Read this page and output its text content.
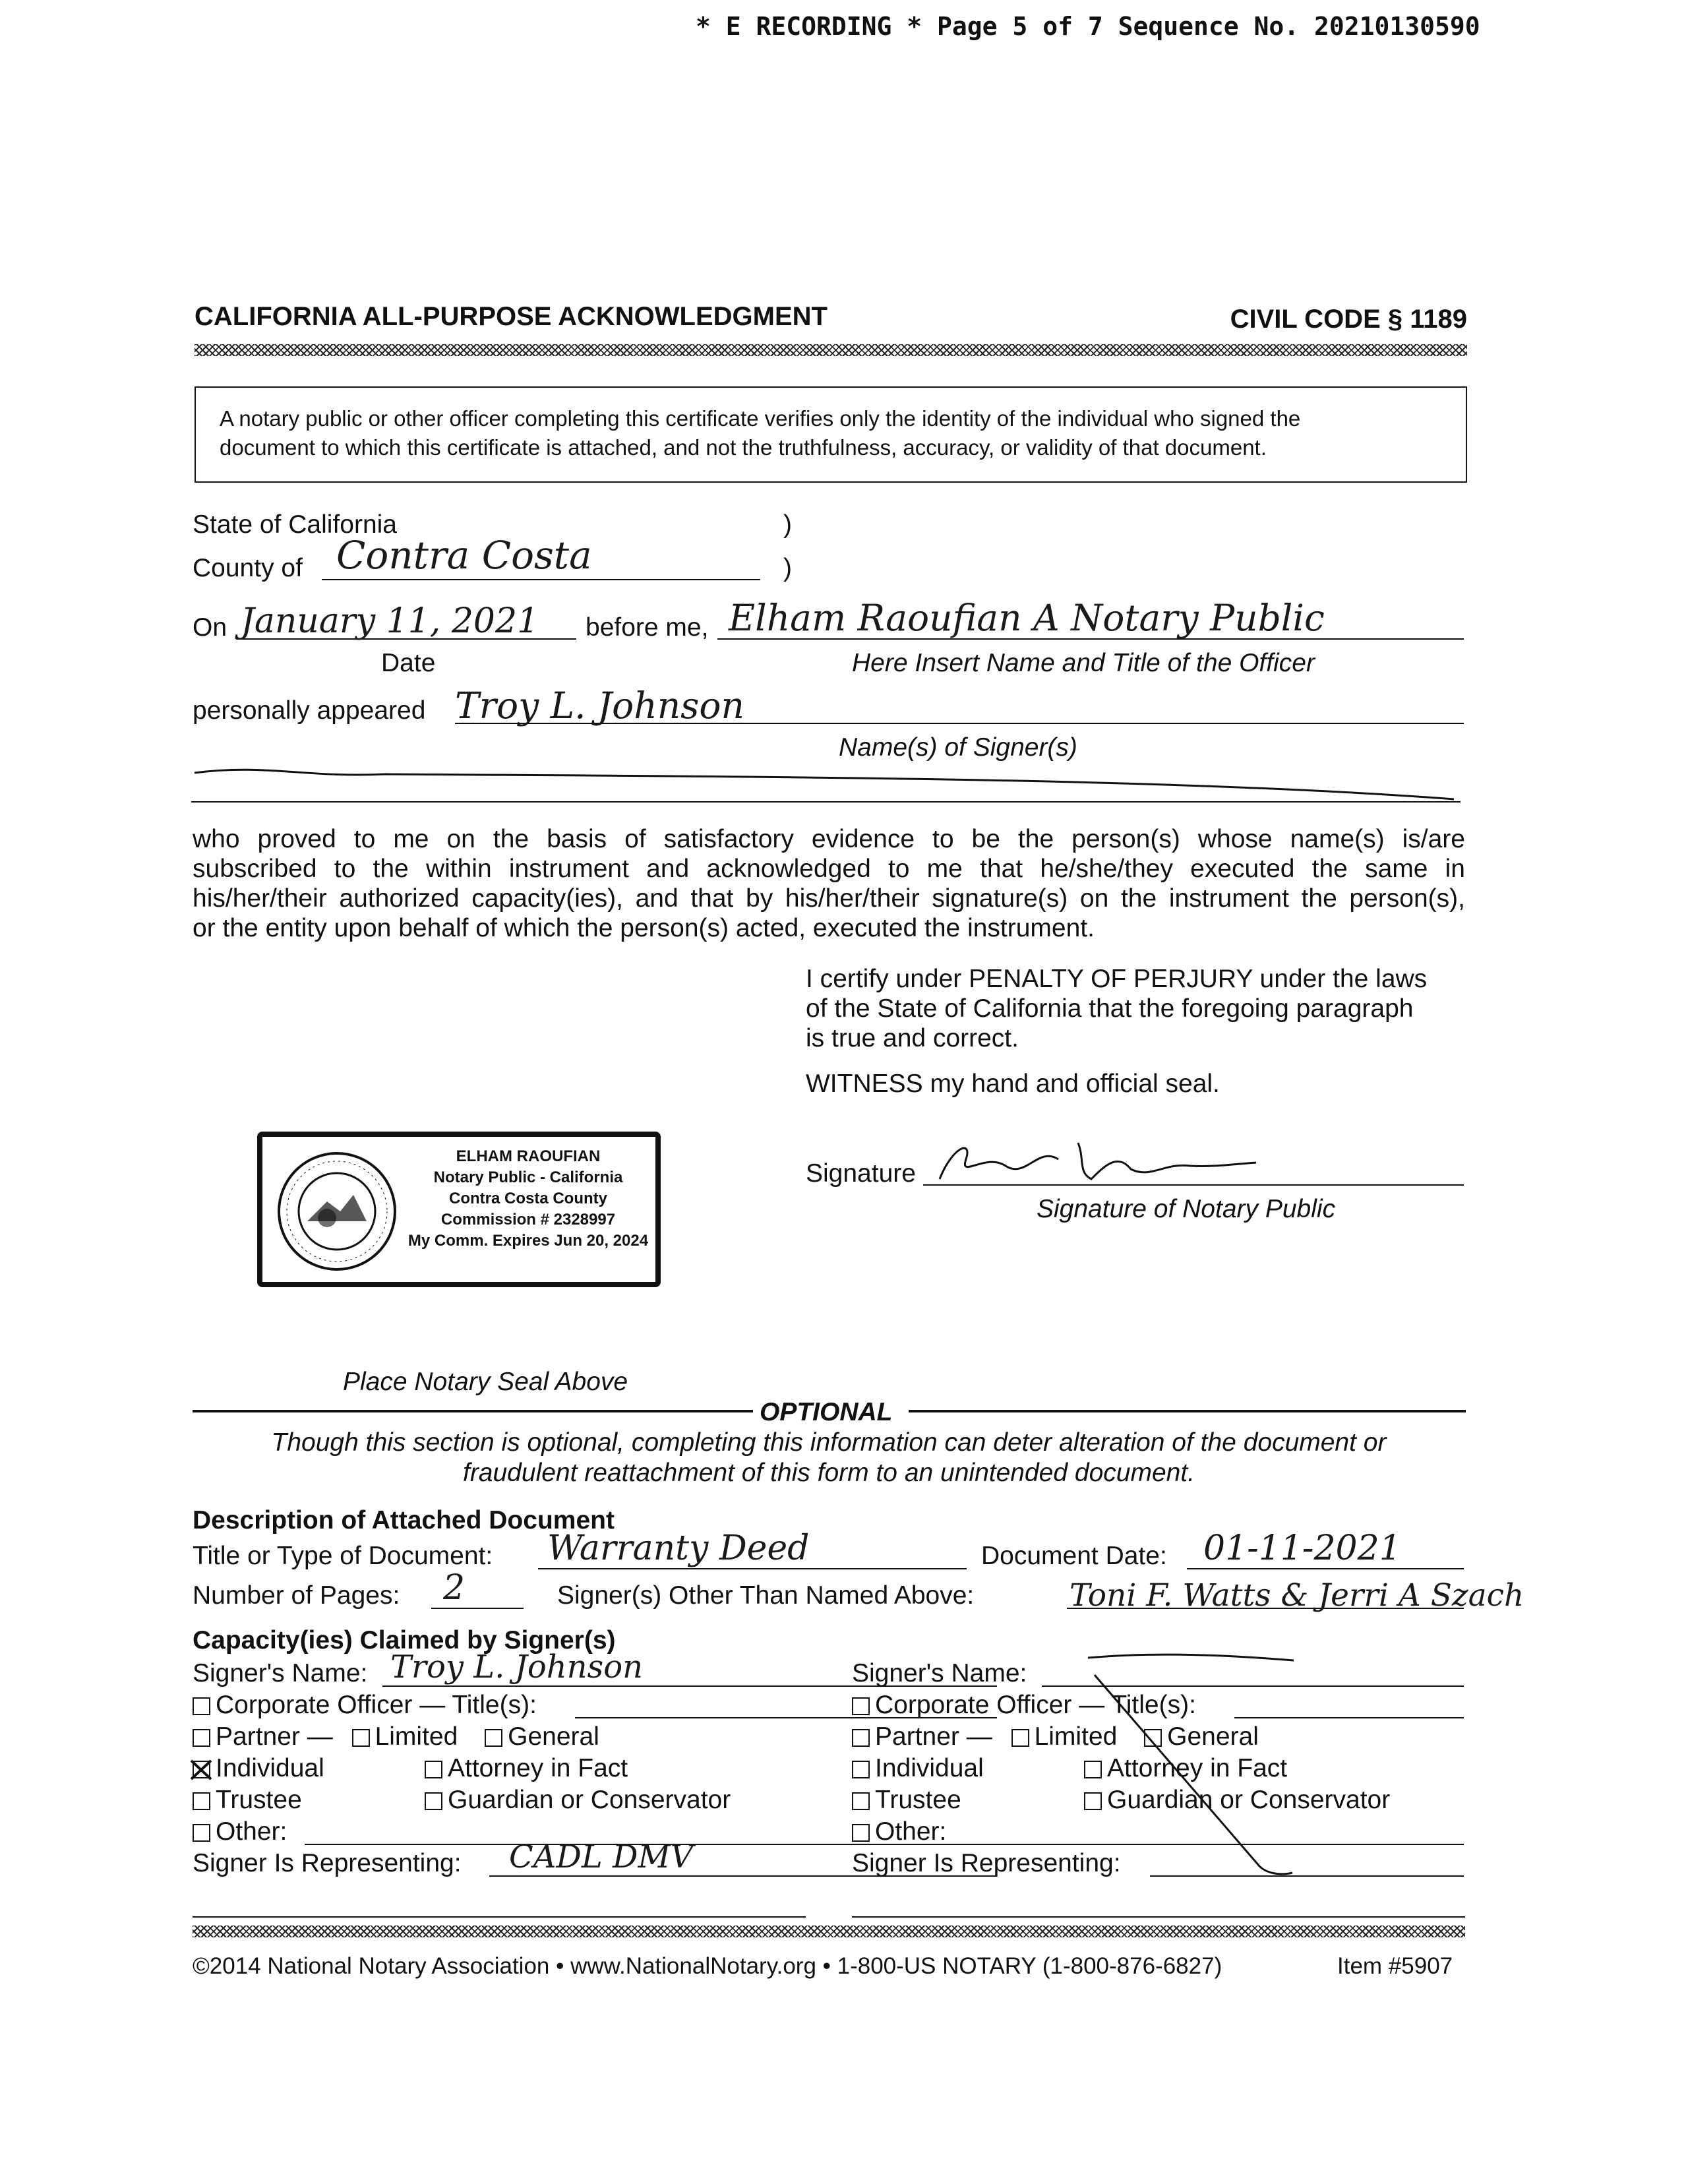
* E RECORDING * Page 5 of 7 Sequence No. 20210130590
CALIFORNIA ALL-PURPOSE ACKNOWLEDGMENT	CIVIL CODE § 1189
A notary public or other officer completing this certificate verifies only the identity of the individual who signed the
document to which this certificate is attached, and not the truthfulness, accuracy, or validity of that document.
State of California	)
County of Contra Costa	)
On January 11, 2021
Date
before me, Elham Raoufian A Notary Public
Here Insert Name and Title of the Officer
personally appeared Troy L. Johnson
Name(s) of Signer(s)
who proved to me on the basis of satisfactory evidence to be the person(s) whose name(s) is/are
subscribed to the within instrument and acknowledged to me that he/she/they executed the same in
his/her/their authorized capacity(ies), and that by his/her/their signature(s) on the instrument the person(s),
or the entity upon behalf of which the person(s) acted, executed the instrument.
I certify under PENALTY OF PERJURY under the laws
of the State of California that the foregoing paragraph
is true and correct.
WITNESS my hand and official seal.
Signature
Signature of Notary Public
ELHAM RAOUFIAN
Notary Public - California
Contra Costa County
Commission # 2328997
My Comm. Expires Jun 20, 2024
Place Notary Seal Above
OPTIONAL
Though this section is optional, completing this information can deter alteration of the document or
fraudulent reattachment of this form to an unintended document.
Description of Attached Document
Title or Type of Document: Warranty Deed	Document Date: 01-11-2021
Number of Pages: 2	Signer(s) Other Than Named Above:	Toni F. Watts & Jerri A Szach
Capacity(ies) Claimed by Signer(s)
Signer's Name: Troy L. Johnson
Corporate Officer — Title(s):
Partner — Limited General
Individual	Attorney in Fact
Trustee	Guardian or Conservator
Other:
Signer Is Representing: CADL DMV
Signer's Name:
Corporate Officer — Title(s):
Partner — Limited General
Individual	Attorney in Fact
Trustee	Guardian or Conservator
Other:
Signer Is Representing:
©2014 National Notary Association • www.NationalNotary.org • 1-800-US NOTARY (1-800-876-6827)	Item #5907
